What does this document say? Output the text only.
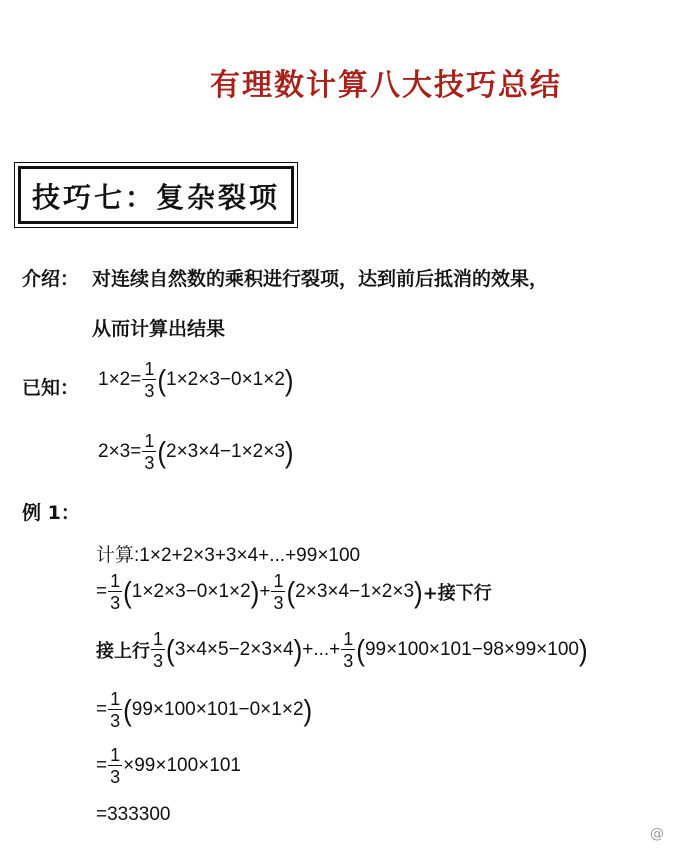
有理数计算八大技巧总结
技巧七：复杂裂项
介绍： 对连续自然数的乘积进行裂项，达到前后抵消的效果，
从而计算出结果
已知： $1\times 2= \frac{1}{3}$ ( 1×2×3−0×1×2 )
$2\times 3= \frac{1}{3}$ ( 2×3×4−1×2×3 )
例 1：
计算:1×2+2×3+3×4+...+99×100
= $\frac{1}{3}$ ( 1×2×3−0×1×2 ) + $\frac{1}{3}$ ( 2×3×4−1×2×3 ) +接下行
接上行 $\frac{1}{3}$ ( 3×4×5−2×3×4 ) +...+ $\frac{1}{3}$ ( 99×100×101−98×99×100 )
= $\frac{1}{3}$ ( 99×100×101−0×1×2 )
= $\frac{1}{3} \times 99\times 100\times 101$
=333300
@
